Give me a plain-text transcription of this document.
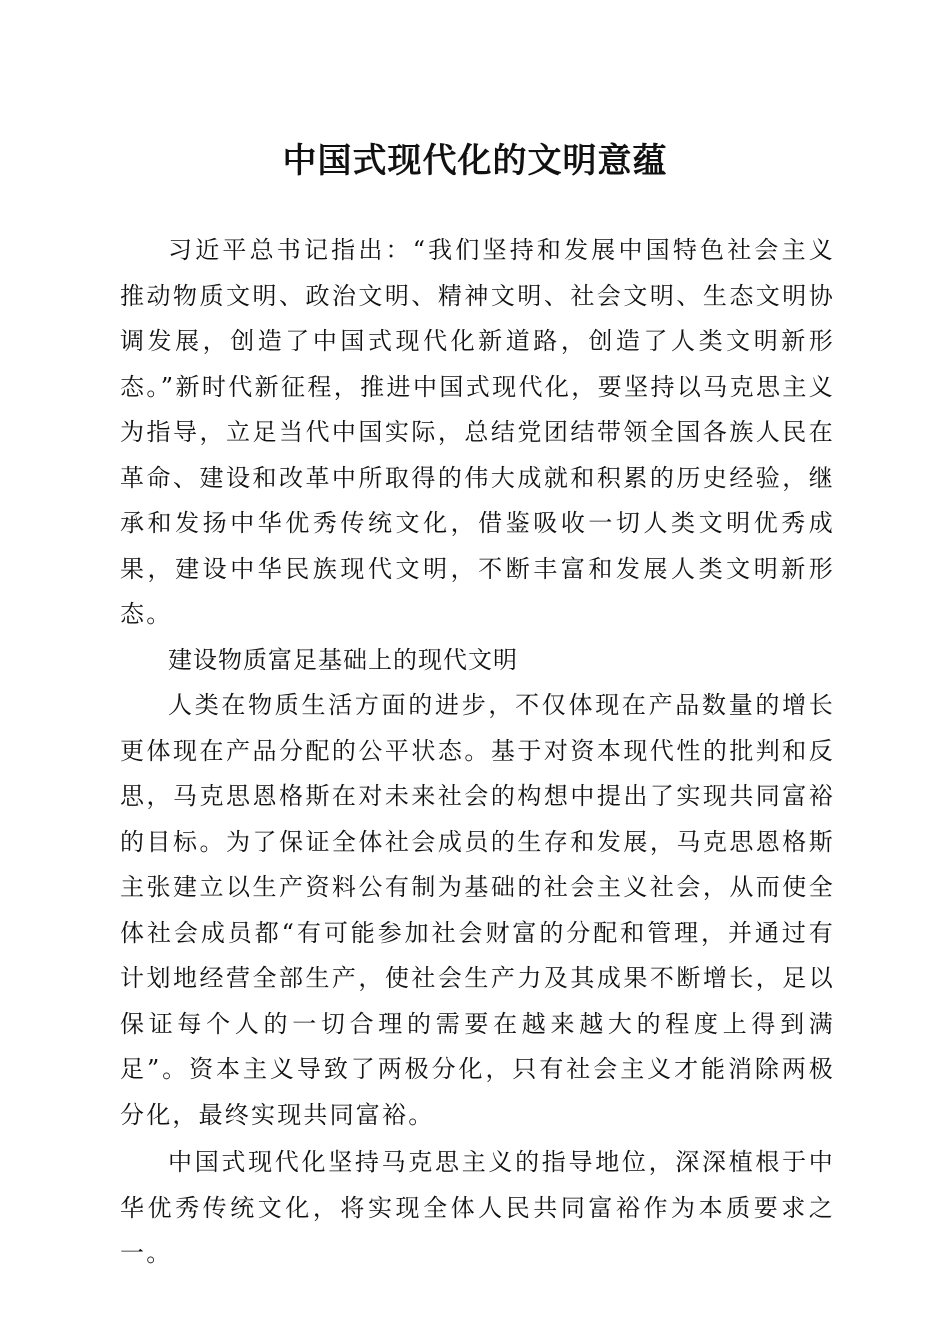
中国式现代化的文明意蕴

习近平总书记指出：“我们坚持和发展中国特色社会主义推动物质文明、政治文明、精神文明、社会文明、生态文明协调发展，创造了中国式现代化新道路，创造了人类文明新形态。”新时代新征程，推进中国式现代化，要坚持以马克思主义为指导，立足当代中国实际，总结党团结带领全国各族人民在革命、建设和改革中所取得的伟大成就和积累的历史经验，继承和发扬中华优秀传统文化，借鉴吸收一切人类文明优秀成果，建设中华民族现代文明，不断丰富和发展人类文明新形态。

建设物质富足基础上的现代文明

人类在物质生活方面的进步，不仅体现在产品数量的增长更体现在产品分配的公平状态。基于对资本现代性的批判和反思，马克思恩格斯在对未来社会的构想中提出了实现共同富裕的目标。为了保证全体社会成员的生存和发展，马克思恩格斯主张建立以生产资料公有制为基础的社会主义社会，从而使全体社会成员都“有可能参加社会财富的分配和管理，并通过有计划地经营全部生产，使社会生产力及其成果不断增长，足以保证每个人的一切合理的需要在越来越大的程度上得到满足”。资本主义导致了两极分化，只有社会主义才能消除两极分化，最终实现共同富裕。

中国式现代化坚持马克思主义的指导地位，深深植根于中华优秀传统文化，将实现全体人民共同富裕作为本质要求之一。
